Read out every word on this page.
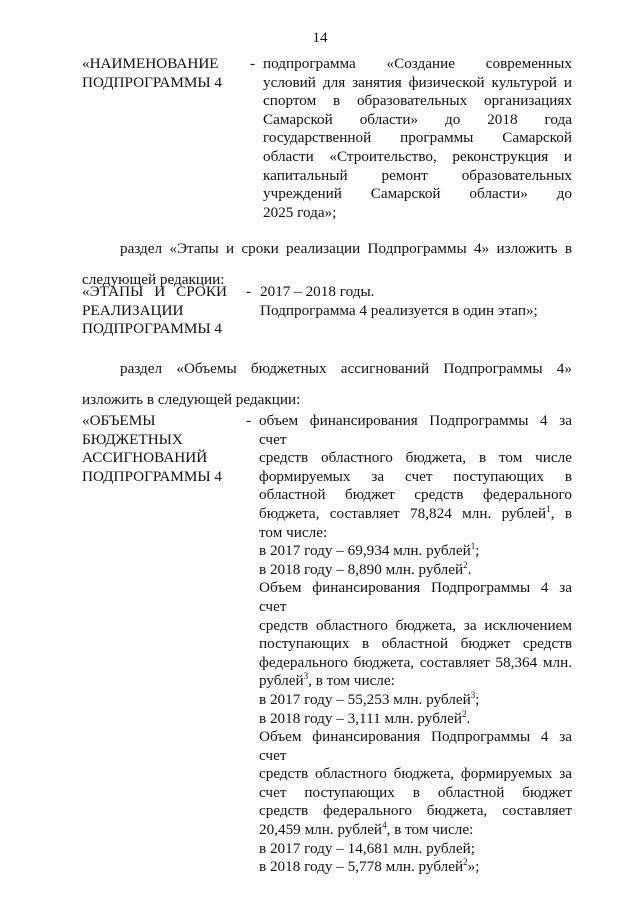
14
«НАИМЕНОВАНИЕ
ПОДПРОГРАММЫ 4
- подпрограмма «Создание современных
условий для занятия физической культурой и
спортом в образовательных организациях
Самарской области» до 2018 года
государственной программы Самарской
области «Строительство, реконструкция и
капитальный ремонт образовательных
учреждений Самарской области» до
2025 года»;
раздел «Этапы и сроки реализации Подпрограммы 4» изложить в
следующей редакции:
«ЭТАПЫ И СРОКИ
РЕАЛИЗАЦИИ
ПОДПРОГРАММЫ 4
- 2017 – 2018 годы.
Подпрограмма 4 реализуется в один этап»;
раздел «Объемы бюджетных ассигнований Подпрограммы 4»
изложить в следующей редакции:
«ОБЪЕМЫ
БЮДЖЕТНЫХ
АССИГНОВАНИЙ
ПОДПРОГРАММЫ 4
- объем финансирования Подпрограммы 4 за счет
средств областного бюджета, в том числе
формируемых за счет поступающих в
областной бюджет средств федерального
бюджета, составляет 78,824 млн. рублей$^1$, в
том числе:
в 2017 году – 69,934 млн. рублей$^1$;
в 2018 году – 8,890 млн. рублей$^2$.
Объем финансирования Подпрограммы 4 за счет
средств областного бюджета, за исключением
поступающих в областной бюджет средств
федерального бюджета, составляет 58,364 млн.
рублей$^3$, в том числе:
в 2017 году – 55,253 млн. рублей$^3$;
в 2018 году – 3,111 млн. рублей$^2$.
Объем финансирования Подпрограммы 4 за счет
средств областного бюджета, формируемых за
счет поступающих в областной бюджет
средств федерального бюджета, составляет
20,459 млн. рублей$^4$, в том числе:
в 2017 году – 14,681 млн. рублей;
в 2018 году – 5,778 млн. рублей$^2$»;
